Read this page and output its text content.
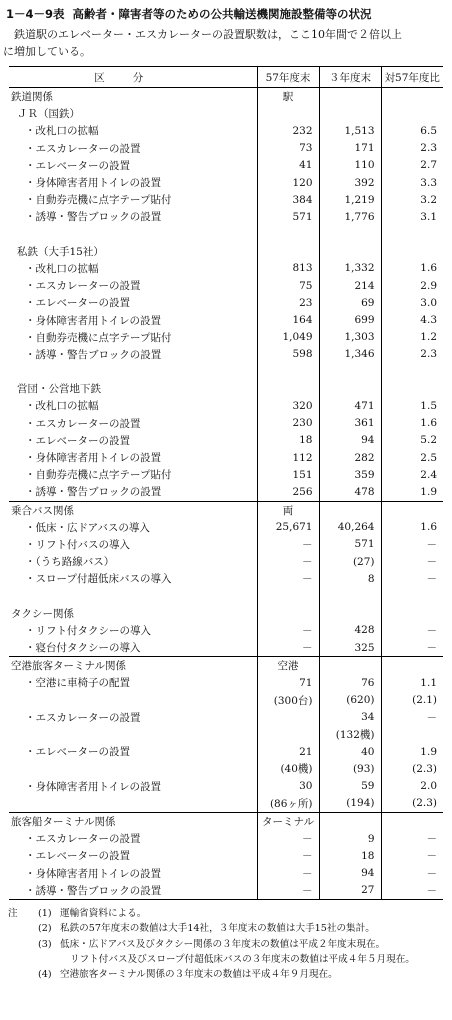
1－4－9表 高齢者・障害者等のための公共輸送機関施設整備等の状況
鉄道駅のエレベーター・エスカレーターの設置駅数は，ここ10年間で２倍以上
に増加している。
区分	57年度末	３年度末	対57年度比
鉄道関係	駅		
ＪＲ（国鉄）			
・改札口の拡幅	232	1,513	6.5
・エスカレーターの設置	73	171	2.3
・エレベーターの設置	41	110	2.7
・身体障害者用トイレの設置	120	392	3.3
・自動券売機に点字テープ貼付	384	1,219	3.2
・誘導・警告ブロックの設置	571	1,776	3.1

私鉄（大手15社）			
・改札口の拡幅	813	1,332	1.6
・エスカレーターの設置	75	214	2.9
・エレベーターの設置	23	69	3.0
・身体障害者用トイレの設置	164	699	4.3
・自動券売機に点字テープ貼付	1,049	1,303	1.2
・誘導・警告ブロックの設置	598	1,346	2.3

営団・公営地下鉄			
・改札口の拡幅	320	471	1.5
・エスカレーターの設置	230	361	1.6
・エレベーターの設置	18	94	5.2
・身体障害者用トイレの設置	112	282	2.5
・自動券売機に点字テープ貼付	151	359	2.4
・誘導・警告ブロックの設置	256	478	1.9
乗合バス関係	両		
・低床・広ドアバスの導入	25,671	40,264	1.6
・リフト付バスの導入	－	571	－
・（うち路線バス）	－	(27)	－
・スロープ付超低床バスの導入	－	8	－

タクシー関係			
・リフト付タクシーの導入	－	428	－
・寝台付タクシーの導入	－	325	－
空港旅客ターミナル関係	空港		
・空港に車椅子の配置	71	76	1.1
	(300台)	(620)	(2.1)
・エスカレーターの設置		34	－
		(132機)	
・エレベーターの設置	21	40	1.9
	(40機)	(93)	(2.3)
・身体障害者用トイレの設置	30	59	2.0
	(86ヶ所)	(194)	(2.3)
旅客船ターミナル関係	ターミナル		
・エスカレーターの設置	－	9	－
・エレベーターの設置	－	18	－
・身体障害者用トイレの設置	－	94	－
・誘導・警告ブロックの設置	－	27	－
注	(1) 運輸省資料による。
(2) 私鉄の57年度末の数値は大手14社，３年度末の数値は大手15社の集計。
(3) 低床・広ドアバス及びタクシー関係の３年度末の数値は平成２年度末現在。
リフト付バス及びスロープ付超低床バスの３年度末の数値は平成４年５月現在。
(4) 空港旅客ターミナル関係の３年度末の数値は平成４年９月現在。
